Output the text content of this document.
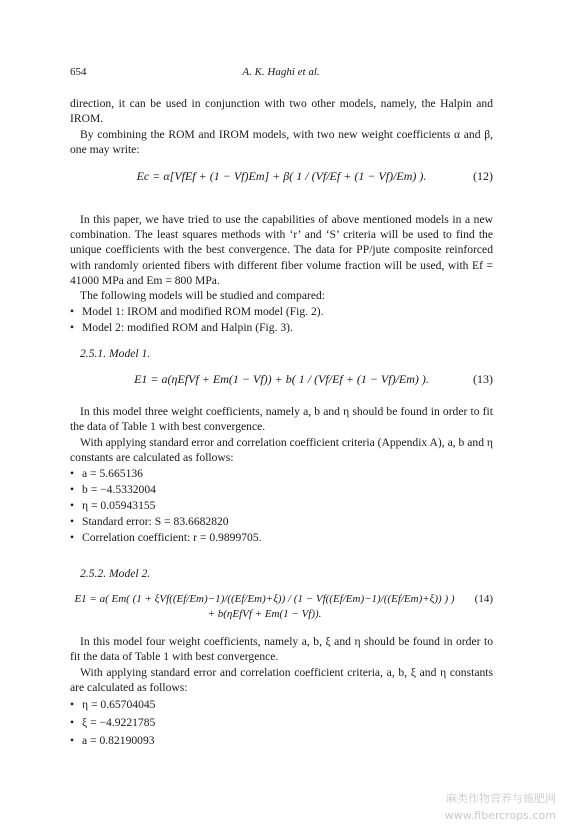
654	A. K. Haghi et al.
direction, it can be used in conjunction with two other models, namely, the Halpin and IROM.
By combining the ROM and IROM models, with two new weight coefficients α and β, one may write:
Ec = α[VfEf + (1 − Vf)Em] + β( 1 / (Vf/Ef + (1 − Vf)/Em) ).	(12)
In this paper, we have tried to use the capabilities of above mentioned models in a new combination. The least squares methods with ‘r’ and ‘S’ criteria will be used to find the unique coefficients with the best convergence. The data for PP/jute composite reinforced with randomly oriented fibers with different fiber volume fraction will be used, with Ef = 41000 MPa and Em = 800 MPa.
The following models will be studied and compared:
• Model 1: IROM and modified ROM model (Fig. 2).
• Model 2: modified ROM and Halpin (Fig. 3).
2.5.1. Model 1.
E1 = a(ηEfVf + Em(1 − Vf)) + b( 1 / (Vf/Ef + (1 − Vf)/Em) ).	(13)
In this model three weight coefficients, namely a, b and η should be found in order to fit the data of Table 1 with best convergence.
With applying standard error and correlation coefficient criteria (Appendix A), a, b and η constants are calculated as follows:
• a = 5.665136
• b = −4.5332004
• η = 0.05943155
• Standard error: S = 83.6682820
• Correlation coefficient: r = 0.9899705.
2.5.2. Model 2.
E1 = a( Em( (1 + ξVf((Ef/Em)−1)/((Ef/Em)+ξ)) / (1 − Vf((Ef/Em)−1)/((Ef/Em)+ξ)) ) ) + b(ηEfVf + Em(1 − Vf)).
(14)
In this model four weight coefficients, namely a, b, ξ and η should be found in order to fit the data of Table 1 with best convergence.
With applying standard error and correlation coefficient criteria, a, b, ξ and η constants are calculated as follows:
• η = 0.65704045
• ξ = −4.9221785
• a = 0.82190093
麻类作物营养与施肥网
www.fibercrops.com
